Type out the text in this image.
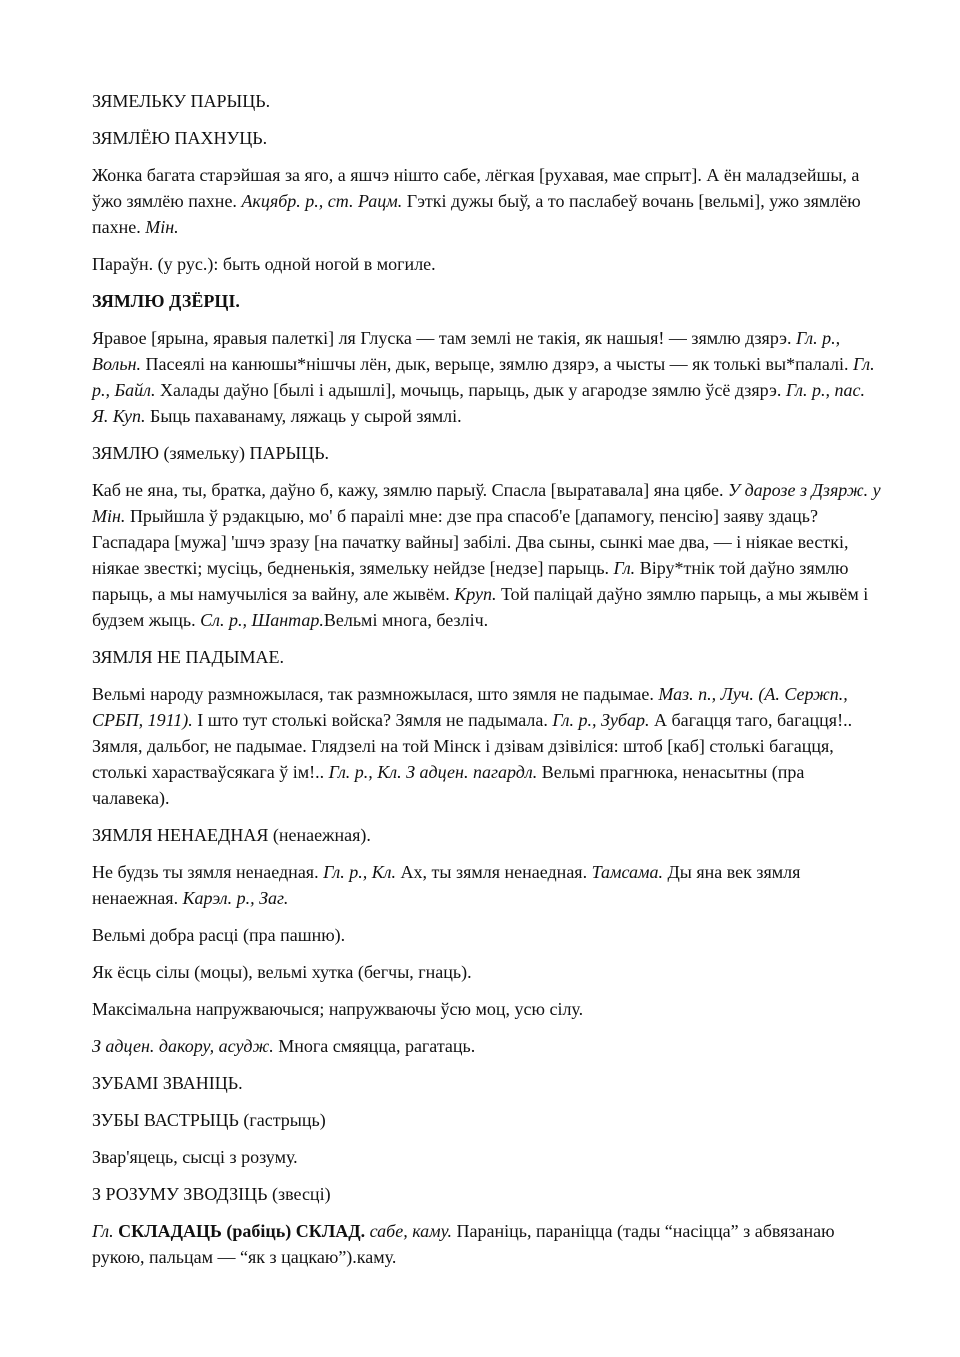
ЗЯМЕЛЬКУ ПАРЫЦЬ.

ЗЯМЛЁЮ ПАХНУЦЬ.

Жонка багата старэйшая за яго, а яшчэ нішто сабе, лёгкая [рухавая, мае спрыт]. А ён маладзейшы, а ўжо зямлёю пахне. Акцябр. р., ст. Рацм. Гэткі дужы быў, а то паслабеў вочань [вельмі], ужо зямлёю пахне. Мін.

Параўн. (у рус.): быть одной ногой в могиле.

ЗЯМЛЮ ДЗЁРЦІ.

Яравое [ярына, яравыя палеткі] ля Глуска — там землі не такія, як нашыя! — зямлю дзярэ. Гл. р., Вольн. Пасеялі на канюшы*нішчы лён, дык, верыце, зямлю дзярэ, а чысты — як толькі вы*палалі. Гл. р., Байл. Халады даўно [былі і адышлі], мочыць, парыць, дык у агародзе зямлю ўсё дзярэ. Гл. р., пас. Я. Куп. Быць пахаванаму, ляжаць у сырой зямлі.

ЗЯМЛЮ (зямельку) ПАРЫЦЬ.

Каб не яна, ты, братка, даўно б, кажу, зямлю парыў. Спасла [выратавала] яна цябе. У дарозе з Дзярж. у Мін. Прыйшла ў рэдакцыю, мо' б параілі мне: дзе пра спасоб'е [дапамогу, пенсію] заяву здаць? Гаспадара [мужа] 'шчэ зразу [на пачатку вайны] забілі. Два сыны, сынкі мае два, — і ніякае весткі, ніякае звесткі; мусіць, бедненькія, зямельку нейдзе [недзе] парыць. Гл. Віру*тнік той даўно зямлю парыць, а мы намучыліся за вайну, але жывём. Круп. Той паліцай даўно зямлю парыць, а мы жывём і будзем жыць. Сл. р., Шантар.Вельмі многа, безліч.

ЗЯМЛЯ НЕ ПАДЫМАЕ.

Вельмі народу размножылася, так размножылася, што зямля не падымае. Маз. п., Луч. (А. Сержп., СРБП, 1911). І што тут столькі войска? Зямля не падымала. Гл. р., Зубар. А багацця таго, багацця!.. Зямля, дальбог, не падымае. Глядзелі на той Мінск і дзівам дзівіліся: штоб [каб] столькі багацця, столькі харастваўсякага ў ім!.. Гл. р., Кл. З адцен. пагардл. Вельмі прагнюка, ненасытны (пра чалавека).

ЗЯМЛЯ НЕНАЕДНАЯ (ненаежная).

Не будзь ты зямля ненаедная. Гл. р., Кл. Ах, ты зямля ненаедная. Тамсама. Ды яна век зямля ненаежная. Карэл. р., Заг.

Вельмі добра расці (пра пашню).

Як ёсць сілы (моцы), вельмі хутка (бегчы, гнаць).

Максімальна напружваючыся; напружваючы ўсю моц, усю сілу.

З адцен. дакору, асудж. Многа смяяцца, рагатаць.

ЗУБАМІ ЗВАНІЦЬ.

ЗУБЫ ВАСТРЫЦЬ (гастрыць)

Звар'яцець, сысці з розуму.

З РОЗУМУ ЗВОДЗІЦЬ (звесці)

Гл. СКЛАДАЦЬ (рабіць) СКЛАД. сабе, каму. Параніць, параніцца (тады “насіцца” з абвязанаю рукою, пальцам — “як з цацкаю”).каму.
